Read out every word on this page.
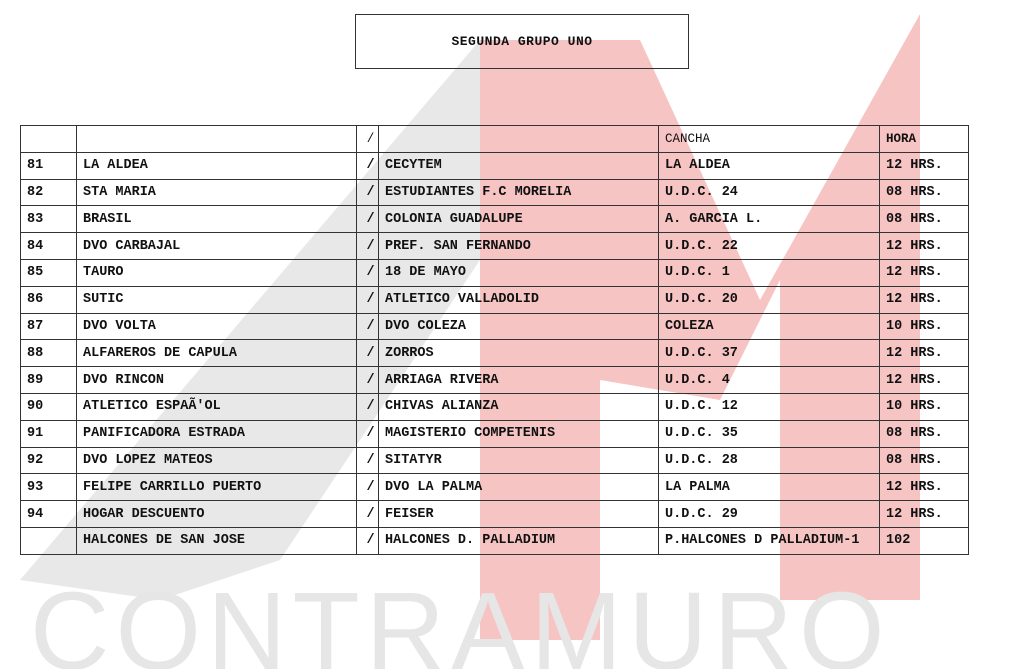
CONTRAMURO
SEGUNDA GRUPO UNO
		/		CANCHA	HORA
81	LA ALDEA	/	CECYTEM	LA ALDEA	12 HRS.
82	STA MARIA	/	ESTUDIANTES F.C MORELIA	U.D.C. 24	08 HRS.
83	BRASIL	/	COLONIA GUADALUPE	A. GARCIA L.	08 HRS.
84	DVO CARBAJAL	/	PREF. SAN FERNANDO	U.D.C. 22	12 HRS.
85	TAURO	/	18 DE MAYO	U.D.C. 1	12 HRS.
86	SUTIC	/	ATLETICO VALLADOLID	U.D.C. 20	12 HRS.
87	DVO VOLTA	/	DVO COLEZA	COLEZA	10 HRS.
88	ALFAREROS DE CAPULA	/	ZORROS	U.D.C. 37	12 HRS.
89	DVO RINCON	/	ARRIAGA RIVERA	U.D.C. 4	12 HRS.
90	ATLETICO ESPAÃ'OL	/	CHIVAS ALIANZA	U.D.C. 12	10 HRS.
91	PANIFICADORA ESTRADA	/	MAGISTERIO COMPETENIS	U.D.C. 35	08 HRS.
92	DVO LOPEZ MATEOS	/	SITATYR	U.D.C. 28	08 HRS.
93	FELIPE CARRILLO PUERTO	/	DVO LA PALMA	LA PALMA	12 HRS.
94	HOGAR DESCUENTO	/	FEISER	U.D.C. 29	12 HRS.
	HALCONES DE SAN JOSE	/	HALCONES D. PALLADIUM	P.HALCONES D PALLADIUM-1	102
